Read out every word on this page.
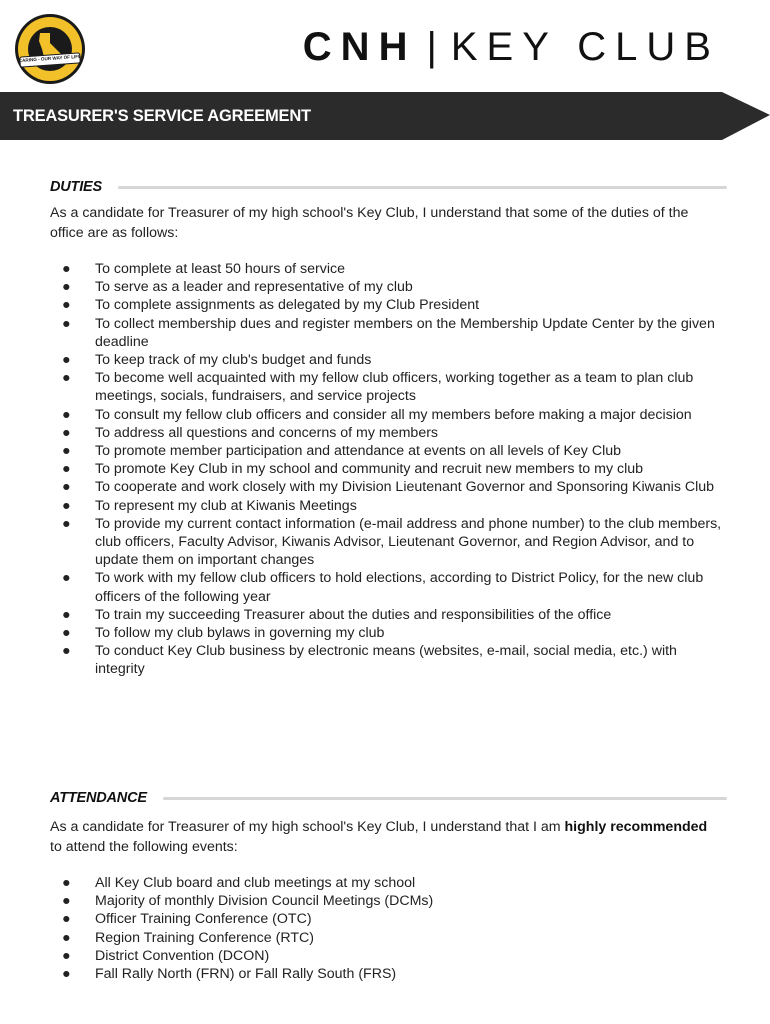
"CARING - OUR WAY OF LIFE"	CNH | KEY CLUB
TREASURER'S SERVICE AGREEMENT
DUTIES

As a candidate for Treasurer of my high school's Key Club, I understand that some of the duties of the office are as follows:

●	To complete at least 50 hours of service
●	To serve as a leader and representative of my club
●	To complete assignments as delegated by my Club President
●	To collect membership dues and register members on the Membership Update Center by the given deadline
●	To keep track of my club's budget and funds
●	To become well acquainted with my fellow club officers, working together as a team to plan club meetings, socials, fundraisers, and service projects
●	To consult my fellow club officers and consider all my members before making a major decision
●	To address all questions and concerns of my members
●	To promote member participation and attendance at events on all levels of Key Club
●	To promote Key Club in my school and community and recruit new members to my club
●	To cooperate and work closely with my Division Lieutenant Governor and Sponsoring Kiwanis Club
●	To represent my club at Kiwanis Meetings
●	To provide my current contact information (e-mail address and phone number) to the club members, club officers, Faculty Advisor, Kiwanis Advisor, Lieutenant Governor, and Region Advisor, and to update them on important changes
●	To work with my fellow club officers to hold elections, according to District Policy, for the new club officers of the following year
●	To train my succeeding Treasurer about the duties and responsibilities of the office
●	To follow my club bylaws in governing my club
●	To conduct Key Club business by electronic means (websites, e-mail, social media, etc.) with integrity
ATTENDANCE

As a candidate for Treasurer of my high school's Key Club, I understand that I am highly recommended to attend the following events:

●	All Key Club board and club meetings at my school
●	Majority of monthly Division Council Meetings (DCMs)
●	Officer Training Conference (OTC)
●	Region Training Conference (RTC)
●	District Convention (DCON)
●	Fall Rally North (FRN) or Fall Rally South (FRS)
